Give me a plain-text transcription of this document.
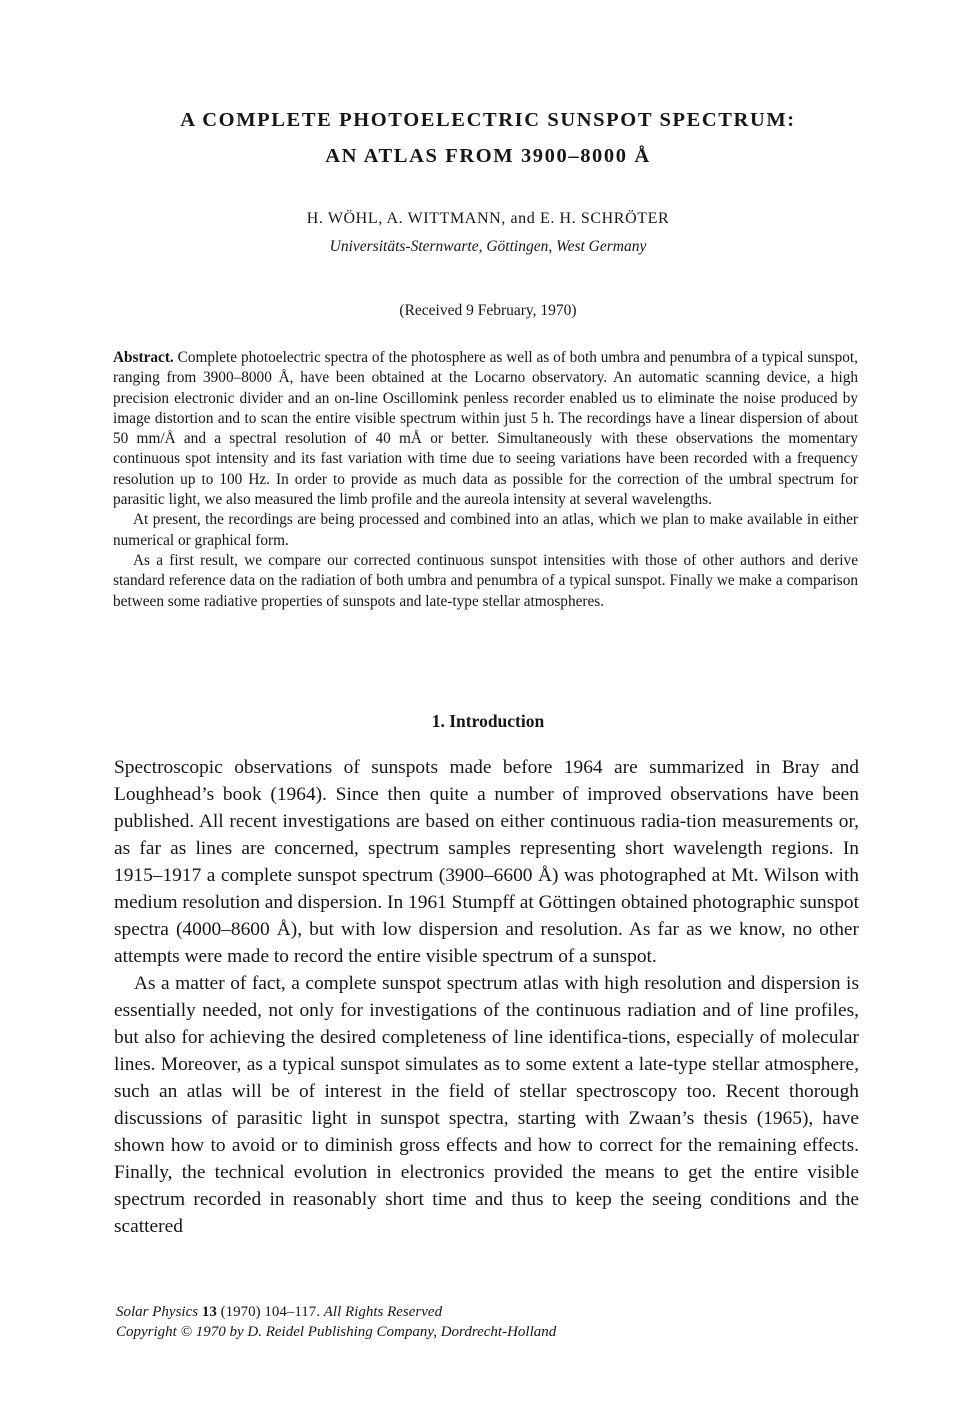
A COMPLETE PHOTOELECTRIC SUNSPOT SPECTRUM:
AN ATLAS FROM 3900–8000 Å
H. WÖHL, A. WITTMANN, and E. H. SCHRÖTER
Universitäts-Sternwarte, Göttingen, West Germany
(Received 9 February, 1970)

Abstract. Complete photoelectric spectra of the photosphere as well as of both umbra and penumbra of a typical sunspot, ranging from 3900–8000 Å, have been obtained at the Locarno observatory. An automatic scanning device, a high precision electronic divider and an on-line Oscillomink penless recorder enabled us to eliminate the noise produced by image distortion and to scan the entire visible spectrum within just 5 h. The recordings have a linear dispersion of about 50 mm/Å and a spectral resolution of 40 mÅ or better. Simultaneously with these observations the momentary continuous spot intensity and its fast variation with time due to seeing variations have been recorded with a frequency resolution up to 100 Hz. In order to provide as much data as possible for the correction of the umbral spectrum for parasitic light, we also measured the limb profile and the aureola intensity at several wavelengths.

At present, the recordings are being processed and combined into an atlas, which we plan to make available in either numerical or graphical form.

As a first result, we compare our corrected continuous sunspot intensities with those of other authors and derive standard reference data on the radiation of both umbra and penumbra of a typical sunspot. Finally we make a comparison between some radiative properties of sunspots and late-type stellar atmospheres.

1. Introduction

Spectroscopic observations of sunspots made before 1964 are summarized in Bray and Loughhead’s book (1964). Since then quite a number of improved observations have been published. All recent investigations are based on either continuous radia-tion measurements or, as far as lines are concerned, spectrum samples representing short wavelength regions. In 1915–1917 a complete sunspot spectrum (3900–6600 Å) was photographed at Mt. Wilson with medium resolution and dispersion. In 1961 Stumpff at Göttingen obtained photographic sunspot spectra (4000–8600 Å), but with low dispersion and resolution. As far as we know, no other attempts were made to record the entire visible spectrum of a sunspot.

As a matter of fact, a complete sunspot spectrum atlas with high resolution and dispersion is essentially needed, not only for investigations of the continuous radiation and of line profiles, but also for achieving the desired completeness of line identifica-tions, especially of molecular lines. Moreover, as a typical sunspot simulates as to some extent a late-type stellar atmosphere, such an atlas will be of interest in the field of stellar spectroscopy too. Recent thorough discussions of parasitic light in sunspot spectra, starting with Zwaan’s thesis (1965), have shown how to avoid or to diminish gross effects and how to correct for the remaining effects. Finally, the technical evolution in electronics provided the means to get the entire visible spectrum recorded in reasonably short time and thus to keep the seeing conditions and the scattered

Solar Physics 13 (1970) 104–117. All Rights Reserved
Copyright © 1970 by D. Reidel Publishing Company, Dordrecht-Holland
